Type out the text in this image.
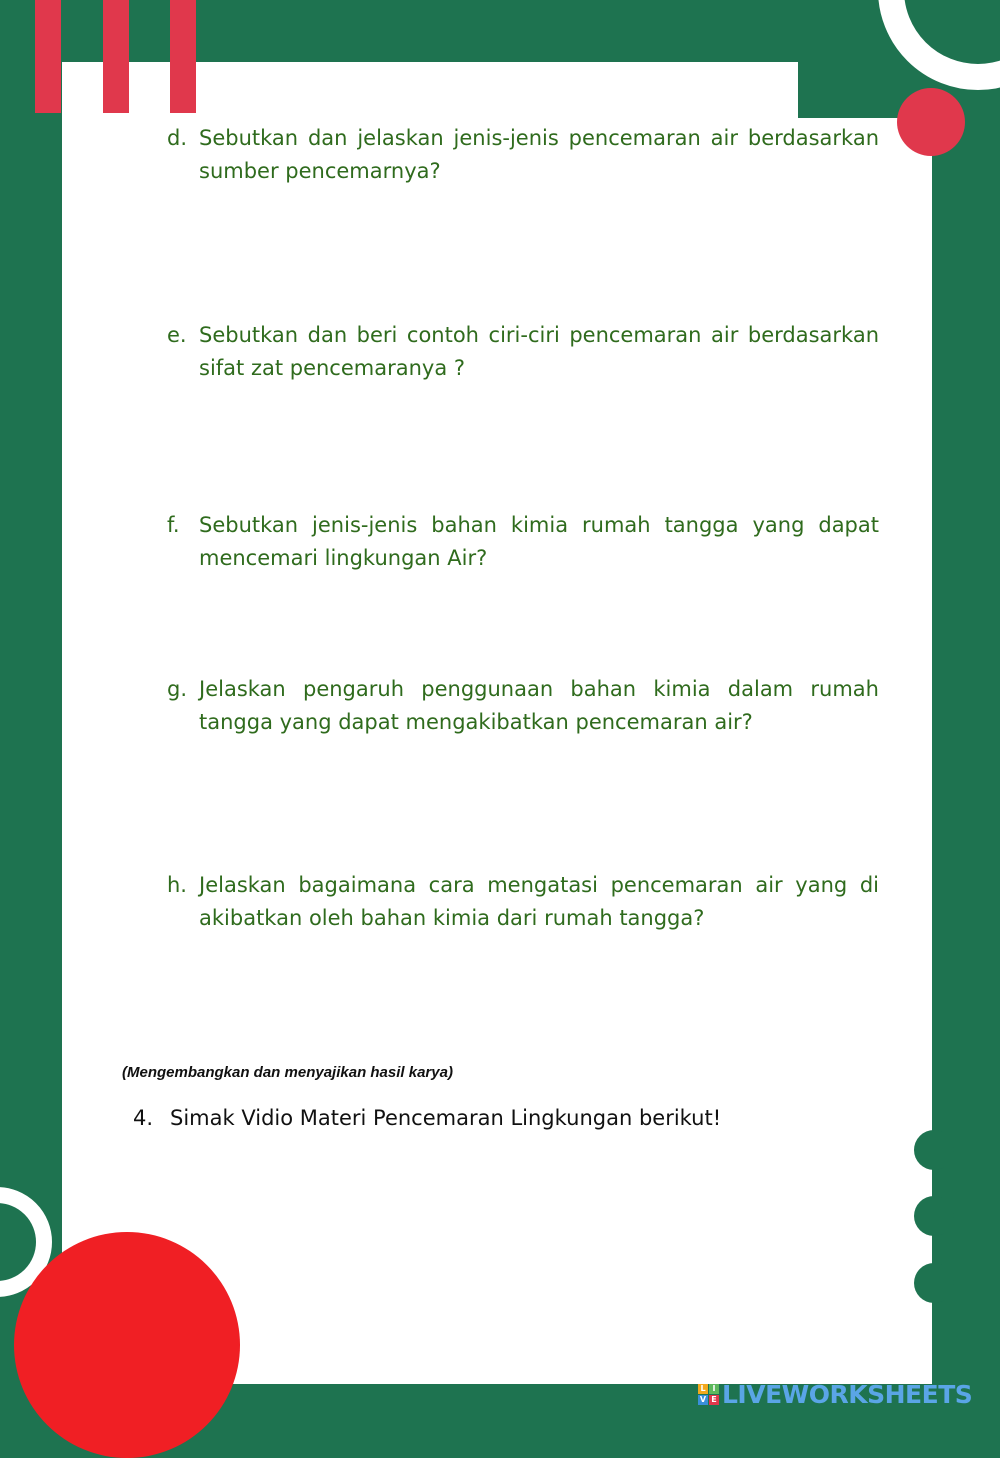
d. Sebutkan dan jelaskan jenis-jenis pencemaran air berdasarkan sumber pencemarnya?
e. Sebutkan dan beri contoh ciri-ciri pencemaran air berdasarkan sifat zat pencemaranya ?
f. Sebutkan jenis-jenis bahan kimia rumah tangga yang dapat mencemari lingkungan Air?
g. Jelaskan pengaruh penggunaan bahan kimia dalam rumah tangga yang dapat mengakibatkan pencemaran air?
h. Jelaskan bagaimana cara mengatasi pencemaran air yang di akibatkan oleh bahan kimia dari rumah tangga?
(Mengembangkan dan menyajikan hasil karya)
4. Simak Vidio Materi Pencemaran Lingkungan berikut!
L I
V E LIVEWORKSHEETS
